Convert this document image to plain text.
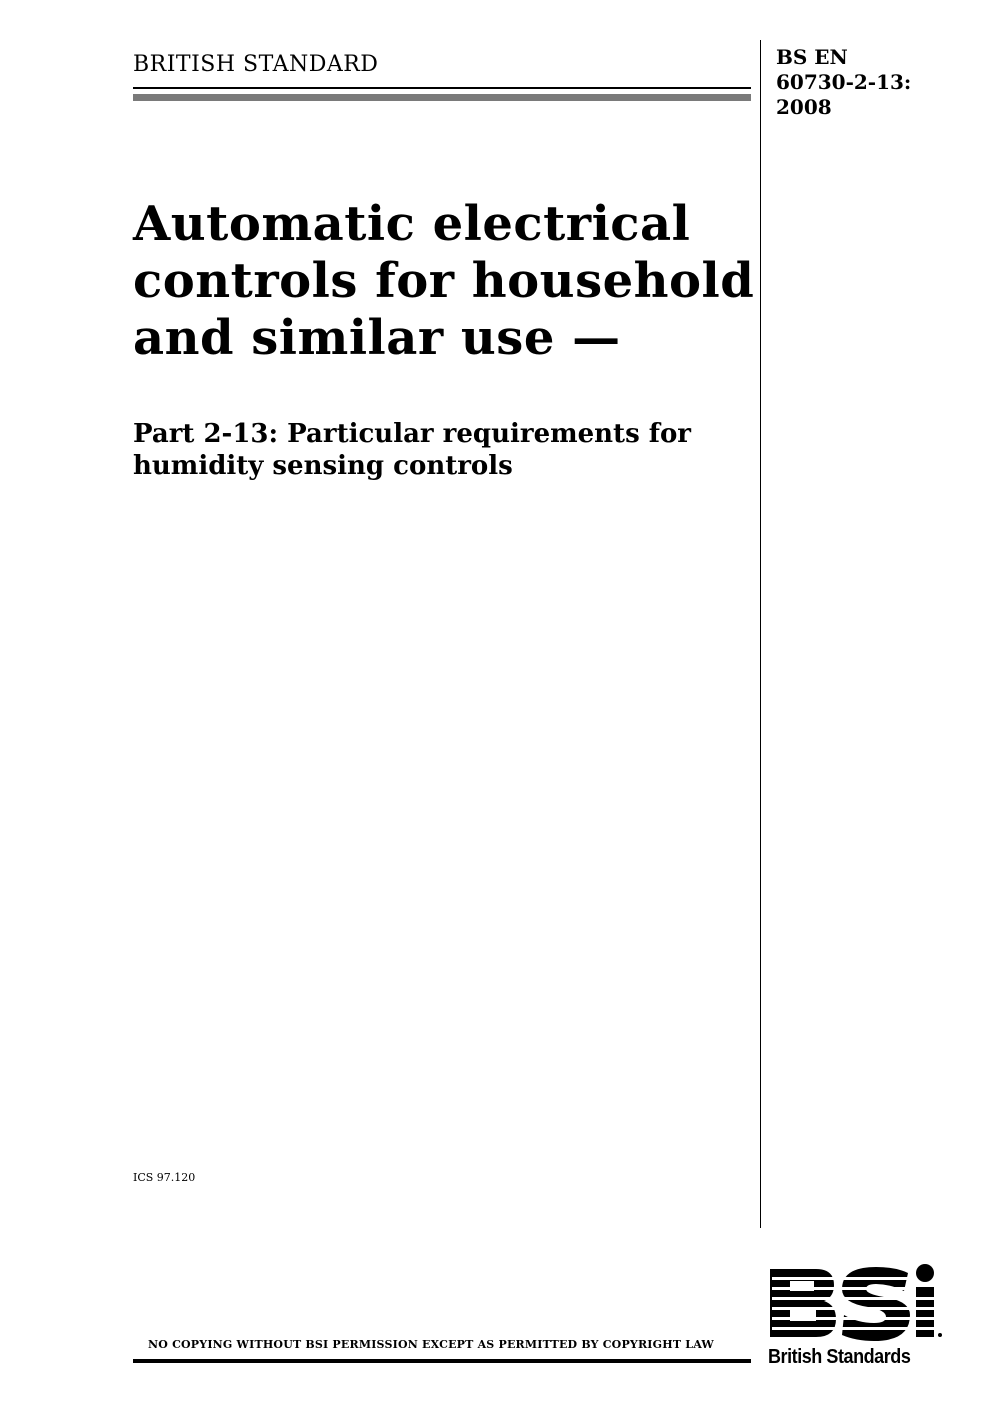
BRITISH STANDARD	BS EN
60730-2-13:
2008
Automatic electrical
controls for household
and similar use —
Part 2-13: Particular requirements for
humidity sensing controls
ICS 97.120
NO COPYING WITHOUT BSI PERMISSION EXCEPT AS PERMITTED BY COPYRIGHT LAW
British Standards
